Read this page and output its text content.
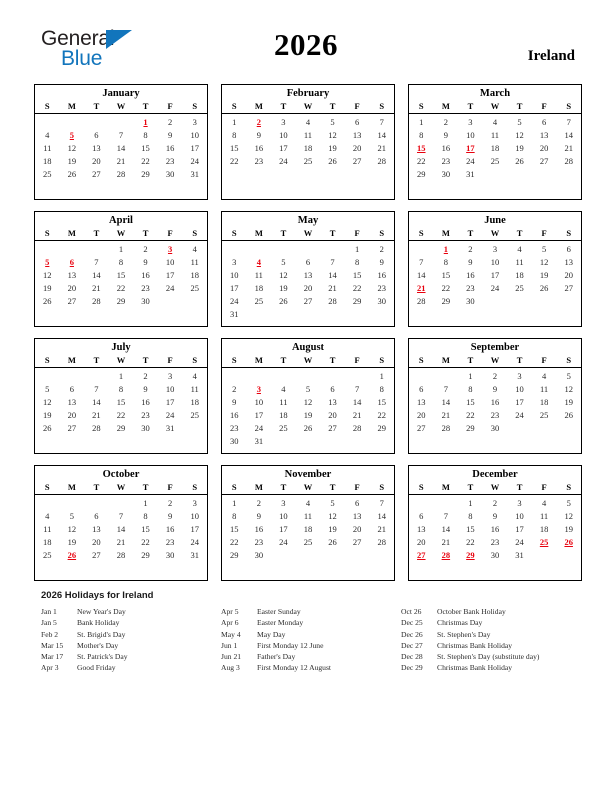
General
Blue	2026	Ireland
January
S	M	T	W	T	F	S
				1	2	3
4	5	6	7	8	9	10
11	12	13	14	15	16	17
18	19	20	21	22	23	24
25	26	27	28	29	30	31

February
S	M	T	W	T	F	S
1	2	3	4	5	6	7
8	9	10	11	12	13	14
15	16	17	18	19	20	21
22	23	24	25	26	27	28

March
S	M	T	W	T	F	S
1	2	3	4	5	6	7
8	9	10	11	12	13	14
15	16	17	18	19	20	21
22	23	24	25	26	27	28
29	30	31				

April
S	M	T	W	T	F	S
			1	2	3	4
5	6	7	8	9	10	11
12	13	14	15	16	17	18
19	20	21	22	23	24	25
26	27	28	29	30		

May
S	M	T	W	T	F	S
					1	2
3	4	5	6	7	8	9
10	11	12	13	14	15	16
17	18	19	20	21	22	23
24	25	26	27	28	29	30
31						
June
S	M	T	W	T	F	S
	1	2	3	4	5	6
7	8	9	10	11	12	13
14	15	16	17	18	19	20
21	22	23	24	25	26	27
28	29	30				

July
S	M	T	W	T	F	S
			1	2	3	4
5	6	7	8	9	10	11
12	13	14	15	16	17	18
19	20	21	22	23	24	25
26	27	28	29	30	31	

August
S	M	T	W	T	F	S
						1
2	3	4	5	6	7	8
9	10	11	12	13	14	15
16	17	18	19	20	21	22
23	24	25	26	27	28	29
30	31					
September
S	M	T	W	T	F	S
		1	2	3	4	5
6	7	8	9	10	11	12
13	14	15	16	17	18	19
20	21	22	23	24	25	26
27	28	29	30			

October
S	M	T	W	T	F	S
				1	2	3
4	5	6	7	8	9	10
11	12	13	14	15	16	17
18	19	20	21	22	23	24
25	26	27	28	29	30	31

November
S	M	T	W	T	F	S
1	2	3	4	5	6	7
8	9	10	11	12	13	14
15	16	17	18	19	20	21
22	23	24	25	26	27	28
29	30					

December
S	M	T	W	T	F	S
		1	2	3	4	5
6	7	8	9	10	11	12
13	14	15	16	17	18	19
20	21	22	23	24	25	26
27	28	29	30	31		

2026 Holidays for Ireland
Jan 1	New Year's Day
Jan 5	Bank Holiday
Feb 2	St. Brigid's Day
Mar 15	Mother's Day
Mar 17	St. Patrick's Day
Apr 3	Good Friday
Apr 5	Easter Sunday
Apr 6	Easter Monday
May 4	May Day
Jun 1	First Monday 12 June
Jun 21	Father's Day
Aug 3	First Monday 12 August
Oct 26	October Bank Holiday
Dec 25	Christmas Day
Dec 26	St. Stephen's Day
Dec 27	Christmas Bank Holiday
Dec 28	St. Stephen's Day (substitute day)
Dec 29	Christmas Bank Holiday
